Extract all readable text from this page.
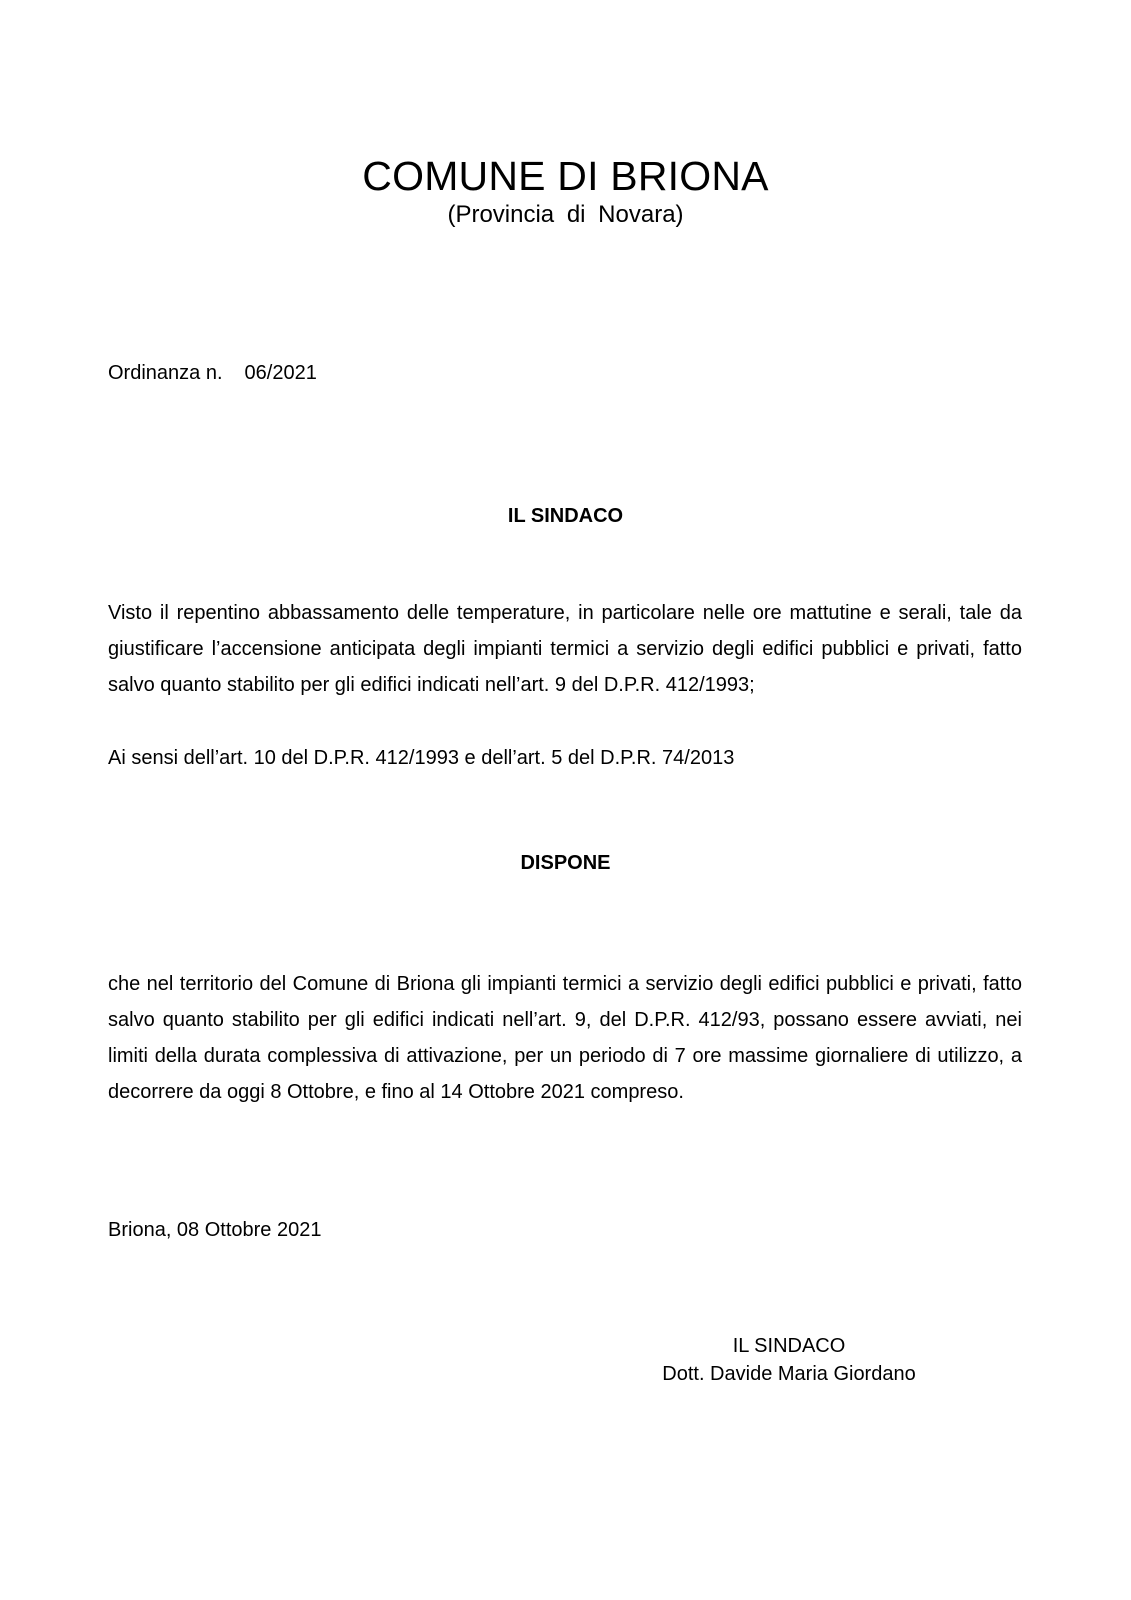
COMUNE DI BRIONA
(Provincia di Novara)
Ordinanza n. 06/2021
IL SINDACO

Visto il repentino abbassamento delle temperature, in particolare nelle ore mattutine e serali, tale da giustificare l’accensione anticipata degli impianti termici a servizio degli edifici pubblici e privati, fatto salvo quanto stabilito per gli edifici indicati nell’art. 9 del D.P.R. 412/1993;

Ai sensi dell’art. 10 del D.P.R. 412/1993 e dell’art. 5 del D.P.R. 74/2013

DISPONE

che nel territorio del Comune di Briona gli impianti termici a servizio degli edifici pubblici e privati, fatto salvo quanto stabilito per gli edifici indicati nell’art. 9, del D.P.R. 412/93, possano essere avviati, nei limiti della durata complessiva di attivazione, per un periodo di 7 ore massime giornaliere di utilizzo, a decorrere da oggi 8 Ottobre, e fino al 14 Ottobre 2021 compreso.

Briona, 08 Ottobre 2021
IL SINDACO
Dott. Davide Maria Giordano
